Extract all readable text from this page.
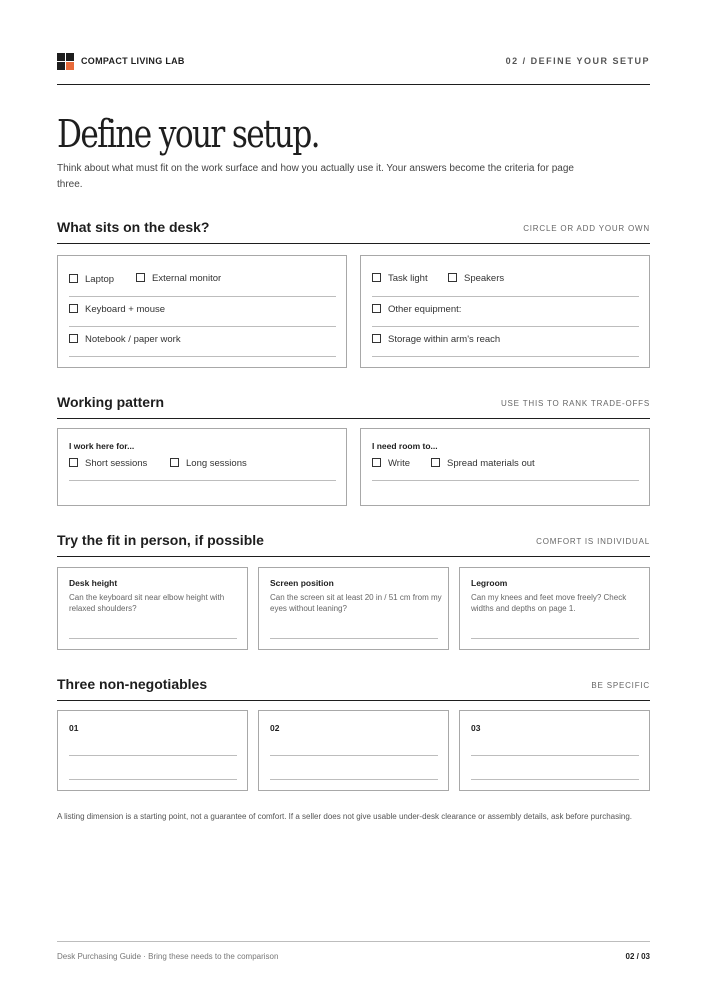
COMPACT LIVING LAB	02 / DEFINE YOUR SETUP
Define your setup.
Think about what must fit on the work surface and how you actually use it. Your answers become the criteria for page three.
What sits on the desk?	CIRCLE OR ADD YOUR OWN
Laptop	External monitor
Keyboard + mouse
Notebook / paper work
Task light	Speakers
Other equipment:
Storage within arm's reach
Working pattern	USE THIS TO RANK TRADE-OFFS
I work here for...
Short sessions	Long sessions
I need room to...
Write	Spread materials out
Try the fit in person, if possible	COMFORT IS INDIVIDUAL
Desk height
Can the keyboard sit near elbow height with relaxed shoulders?
Screen position
Can the screen sit at least 20 in / 51 cm from my eyes without leaning?
Legroom
Can my knees and feet move freely? Check widths and depths on page 1.
Three non-negotiables	BE SPECIFIC
01	02	03
A listing dimension is a starting point, not a guarantee of comfort. If a seller does not give usable under-desk clearance or assembly details, ask before purchasing.
Desk Purchasing Guide · Bring these needs to the comparison	02 / 03
